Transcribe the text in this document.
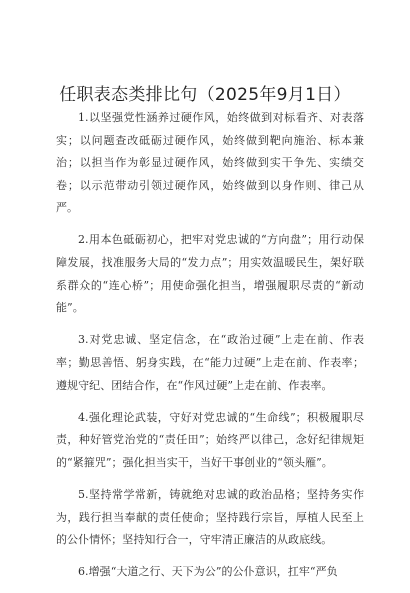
任职表态类排比句（2025年9月1日）

1.以坚强党性涵养过硬作风，始终做到对标看齐、对表落实；以问题查改砥砺过硬作风，始终做到靶向施治、标本兼治；以担当作为彰显过硬作风，始终做到实干争先、实绩交卷；以示范带动引领过硬作风，始终做到以身作则、律己从严。

2.用本色砥砺初心，把牢对党忠诚的“方向盘”；用行动保障发展，找准服务大局的“发力点”；用实效温暖民生，架好联系群众的“连心桥”；用使命强化担当，增强履职尽责的“新动能”。

3.对党忠诚、坚定信念，在“政治过硬”上走在前、作表率；勤思善悟、躬身实践，在“能力过硬”上走在前、作表率；遵规守纪、团结合作，在“作风过硬”上走在前、作表率。

4.强化理论武装，守好对党忠诚的“生命线”；积极履职尽责，种好管党治党的“责任田”；始终严以律己，念好纪律规矩的“紧箍咒”；强化担当实干，当好干事创业的“领头雁”。

5.坚持常学常新，铸就绝对忠诚的政治品格；坚持务实作为，践行担当奉献的责任使命；坚持践行宗旨，厚植人民至上的公仆情怀；坚持知行合一，守牢清正廉洁的从政底线。

6.增强“大道之行、天下为公”的公仆意识，扛牢“严负
